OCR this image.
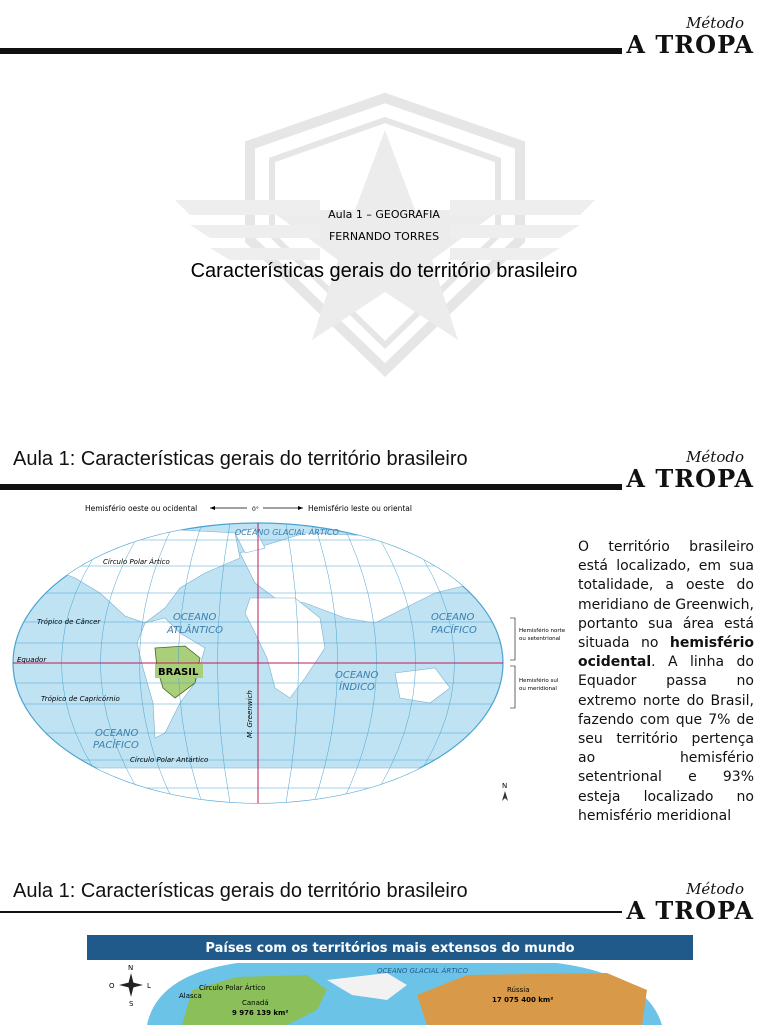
Método
A TROPA
Aula 1 – GEOGRAFIA
FERNANDO TORRES
Características gerais do território brasileiro
Aula 1: Características gerais do território brasileiro	Método
A TROPA
Hemisfério oeste ou ocidental	0°	Hemisfério leste ou oriental
OCEANO GLACIAL ÁRTICO
Círculo Polar Ártico
Trópico de Câncer
Equador
Trópico de Capricórnio
Círculo Polar Antártico
OCEANO
ATLÂNTICO
OCEANO
PACÍFICO
OCEANO
PACÍFICO
OCEANO
ÍNDICO
BRASIL
M. Greenwich
Hemisfério norte
ou setentrional
Hemisfério sul
ou meridional
N
O território brasileiro está localizado, em sua totalidade, a oeste do meridiano de Greenwich, portanto sua área está situada no hemisfério ocidental. A linha do Equador passa no extremo norte do Brasil, fazendo com que 7% de seu território pertença ao hemisfério setentrional e 93% esteja localizado no hemisfério meridional
Aula 1: Características gerais do território brasileiro	Método
A TROPA
Países com os territórios mais extensos do mundo
OCEANO GLACIAL ÁRTICO
Círculo Polar Ártico
Alasca
Canadá
9 976 139 km²
Rússia
17 075 400 km²
N
S
O	L
